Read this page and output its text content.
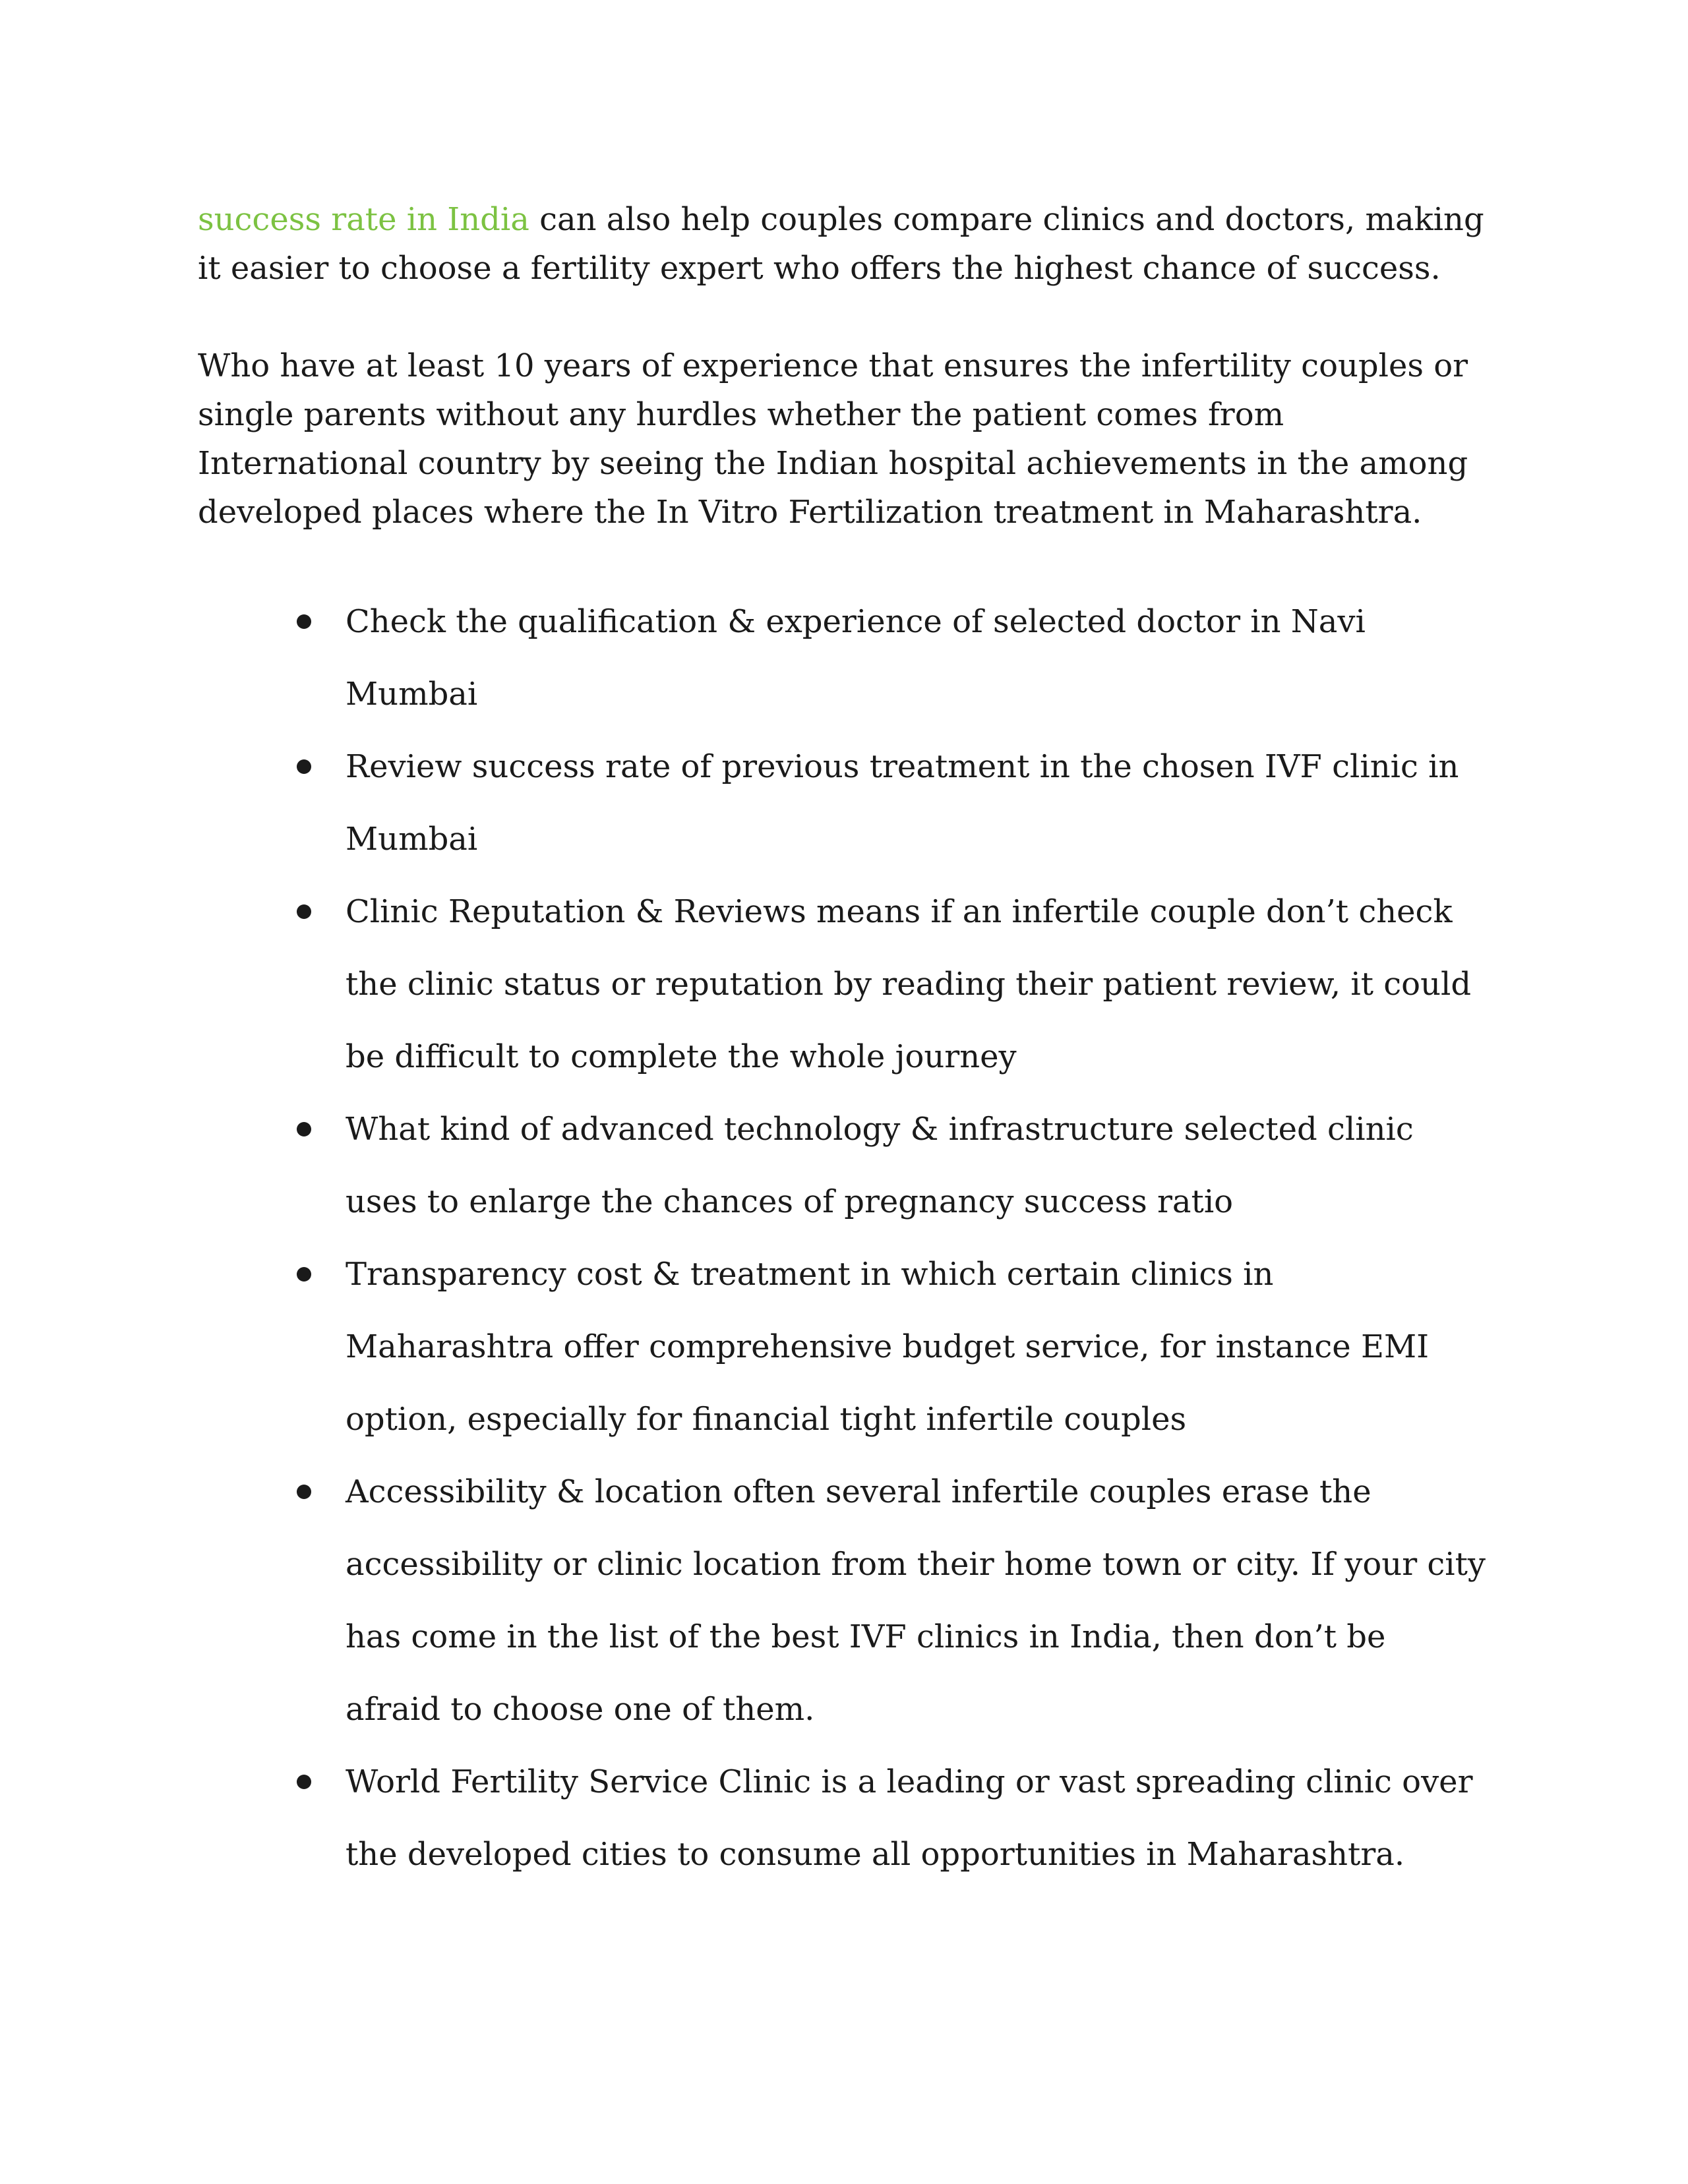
success rate in India can also help couples compare clinics and doctors, making it easier to choose a fertility expert who offers the highest chance of success.

Who have at least 10 years of experience that ensures the infertility couples or single parents without any hurdles whether the patient comes from International country by seeing the Indian hospital achievements in the among developed places where the In Vitro Fertilization treatment in Maharashtra.

Check the qualification & experience of selected doctor in Navi Mumbai
Review success rate of previous treatment in the chosen IVF clinic in Mumbai
Clinic Reputation & Reviews means if an infertile couple don’t check the clinic status or reputation by reading their patient review, it could be difficult to complete the whole journey
What kind of advanced technology & infrastructure selected clinic uses to enlarge the chances of pregnancy success ratio
Transparency cost & treatment in which certain clinics in Maharashtra offer comprehensive budget service, for instance EMI option, especially for financial tight infertile couples
Accessibility & location often several infertile couples erase the accessibility or clinic location from their home town or city. If your city has come in the list of the best IVF clinics in India, then don’t be afraid to choose one of them.
World Fertility Service Clinic is a leading or vast spreading clinic over the developed cities to consume all opportunities in Maharashtra.
